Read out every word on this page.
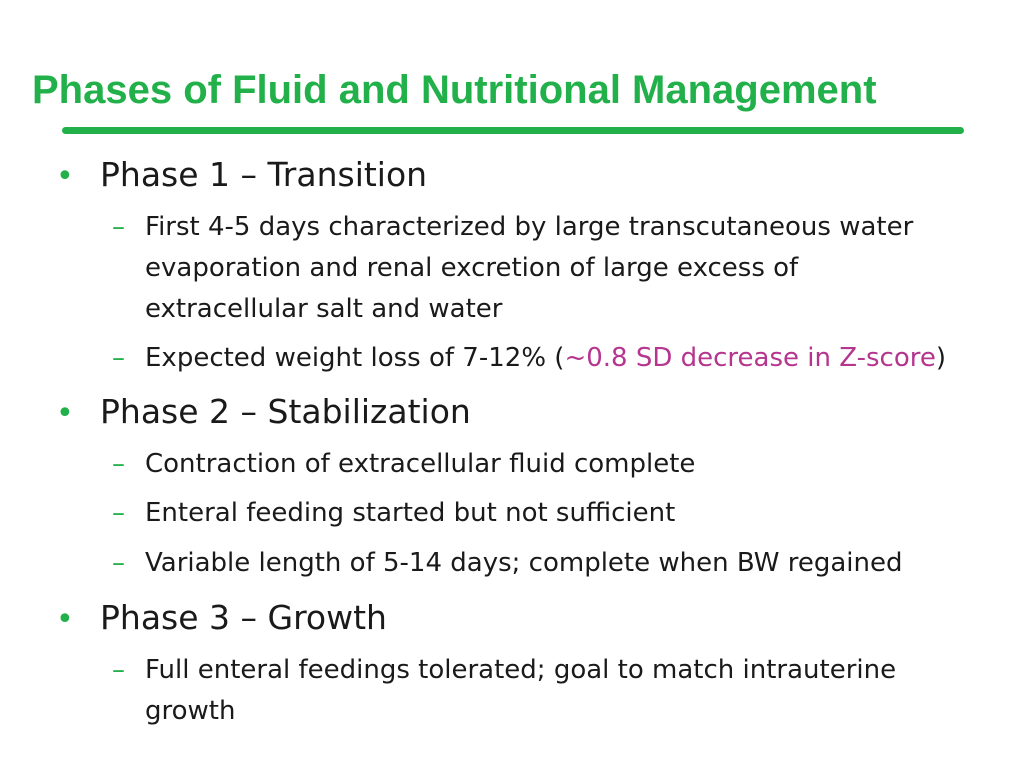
Phases of Fluid and Nutritional Management
• Phase 1 – Transition
– First 4-5 days characterized by large transcutaneous water
evaporation and renal excretion of large excess of
extracellular salt and water
– Expected weight loss of 7-12% (~0.8 SD decrease in Z-score)
• Phase 2 – Stabilization
– Contraction of extracellular fluid complete
– Enteral feeding started but not sufficient
– Variable length of 5-14 days; complete when BW regained
• Phase 3 – Growth
– Full enteral feedings tolerated; goal to match intrauterine
growth
